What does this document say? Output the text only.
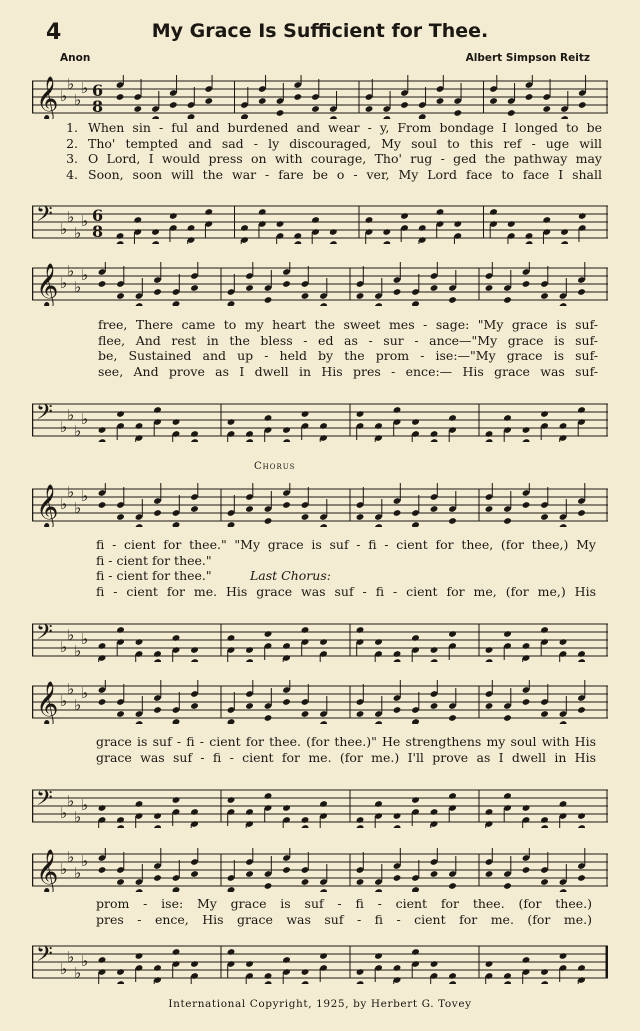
4	My Grace Is Sufficient for Thee.
Anon	Albert Simpson Reitz
𝄞 ♭
♭
♭
♭ 6
8
1. When sin - ful and burdened and wear - y, From bondage I longed to be
2. Tho' tempted and sad - ly discouraged, My soul to this ref - uge will
3. O Lord, I would press on with courage, Tho' rug - ged the pathway may
4. Soon, soon will the war - fare be o - ver, My Lord face to face I shall
𝄢 ♭
♭
♭
♭ 6
8
𝄞 ♭
♭
♭
♭
free, There came to my heart the sweet mes - sage: "My grace is suf-
flee, And rest in the bless - ed as - sur - ance—"My grace is suf-
be, Sustained and up - held by the prom - ise:—"My grace is suf-
see, And prove as I dwell in His pres - ence:— His grace was suf-
𝄢 ♭
♭
♭
♭
Chorus
𝄞 ♭
♭
♭
♭
fi - cient for thee." "My grace is suf - fi - cient for thee, (for thee,) My
fi - cient for thee."
fi - cient for thee."	Last Chorus:
fi - cient for me. His grace was suf - fi - cient for me, (for me,) His
𝄢 ♭
♭
♭
♭
𝄞 ♭
♭
♭
♭
grace is suf - fi - cient for thee. (for thee.)" He strengthens my soul with His
grace was suf - fi - cient for me. (for me.) I'll prove as I dwell in His
𝄢 ♭
♭
♭
♭
𝄞 ♭
♭
♭
♭
prom - ise: My grace is suf - fi - cient for thee. (for thee.)
pres - ence, His grace was suf - fi - cient for me. (for me.)
𝄢 ♭
♭
♭
♭
International Copyright, 1925, by Herbert G. Tovey
